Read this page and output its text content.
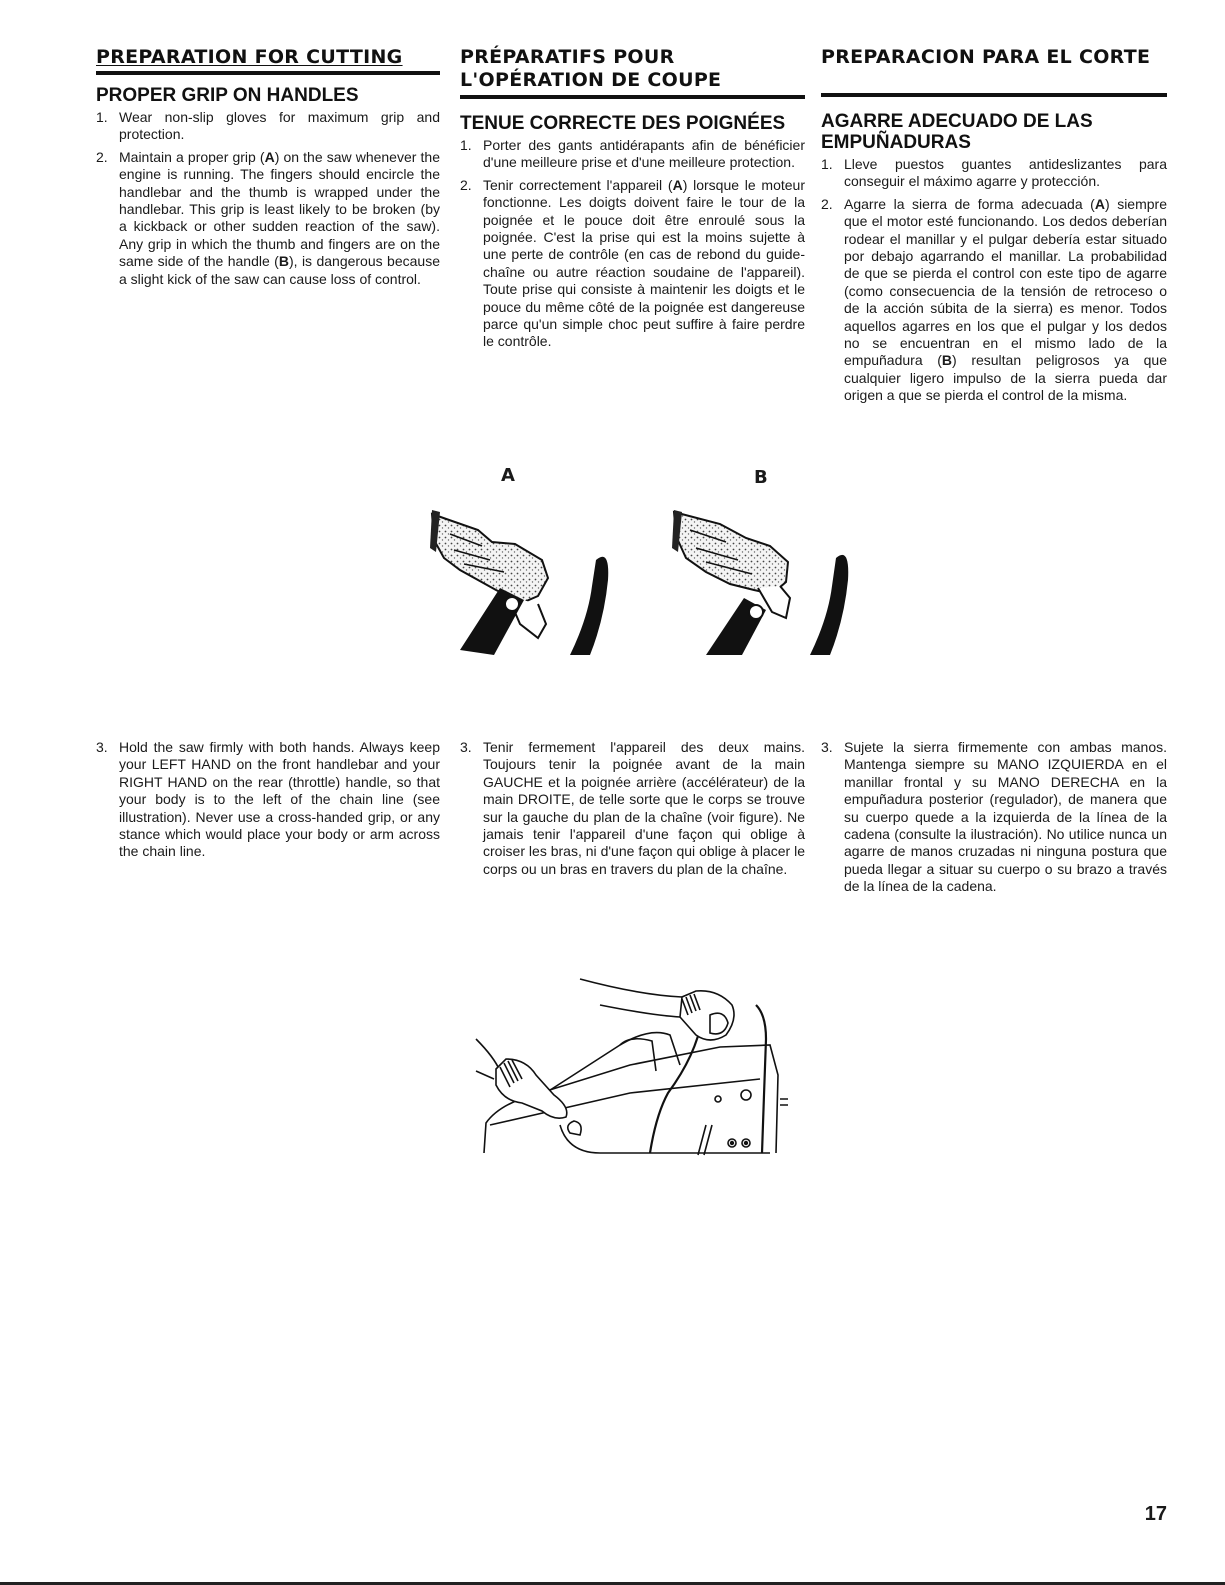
PREPARATION FOR CUTTING
PROPER GRIP ON HANDLES
1. Wear non-slip gloves for maximum grip and protection.
2. Maintain a proper grip (A) on the saw whenever the engine is running. The fingers should encircle the handlebar and the thumb is wrapped under the handlebar. This grip is least likely to be broken (by a kickback or other sudden reaction of the saw). Any grip in which the thumb and fingers are on the same side of the handle (B), is dangerous because a slight kick of the saw can cause loss of control.
PRÉPARATIFS POUR
L'OPÉRATION DE COUPE
TENUE CORRECTE DES POIGNÉES
1. Porter des gants antidérapants afin de bénéficier d'une meilleure prise et d'une meilleure protection.
2. Tenir correctement l'appareil (A) lorsque le moteur fonctionne. Les doigts doivent faire le tour de la poignée et le pouce doit être enroulé sous la poignée. C'est la prise qui est la moins sujette à une perte de contrôle (en cas de rebond du guide-chaîne ou autre réaction soudaine de l'appareil). Toute prise qui consiste à maintenir les doigts et le pouce du même côté de la poignée est dangereuse parce qu'un simple choc peut suffire à faire perdre le contrôle.
PREPARACION PARA EL CORTE
AGARRE ADECUADO DE LAS
EMPUÑADURAS
1. Lleve puestos guantes antideslizantes para conseguir el máximo agarre y protección.
2. Agarre la sierra de forma adecuada (A) siempre que el motor esté funcionando. Los dedos deberían rodear el manillar y el pulgar debería estar situado por debajo agarrando el manillar. La probabilidad de que se pierda el control con este tipo de agarre (como consecuencia de la tensión de retroceso o de la acción súbita de la sierra) es menor. Todos aquellos agarres en los que el pulgar y los dedos no se encuentran en el mismo lado de la empuñadura (B) resultan peligrosos ya que cualquier ligero impulso de la sierra pueda dar origen a que se pierda el control de la misma.
A	B
3. Hold the saw firmly with both hands. Always keep your LEFT HAND on the front handlebar and your RIGHT HAND on the rear (throttle) handle, so that your body is to the left of the chain line (see illustration). Never use a cross-handed grip, or any stance which would place your body or arm across the chain line.
3. Tenir fermement l'appareil des deux mains. Toujours tenir la poignée avant de la main GAUCHE et la poignée arrière (accélérateur) de la main DROITE, de telle sorte que le corps se trouve sur la gauche du plan de la chaîne (voir figure). Ne jamais tenir l'appareil d'une façon qui oblige à croiser les bras, ni d'une façon qui oblige à placer le corps ou un bras en travers du plan de la chaîne.
3. Sujete la sierra firmemente con ambas manos. Mantenga siempre su MANO IZQUIERDA en el manillar frontal y su MANO DERECHA en la empuñadura posterior (regulador), de manera que su cuerpo quede a la izquierda de la línea de la cadena (consulte la ilustración). No utilice nunca un agarre de manos cruzadas ni ninguna postura que pueda llegar a situar su cuerpo o su brazo a través de la línea de la cadena.
17
